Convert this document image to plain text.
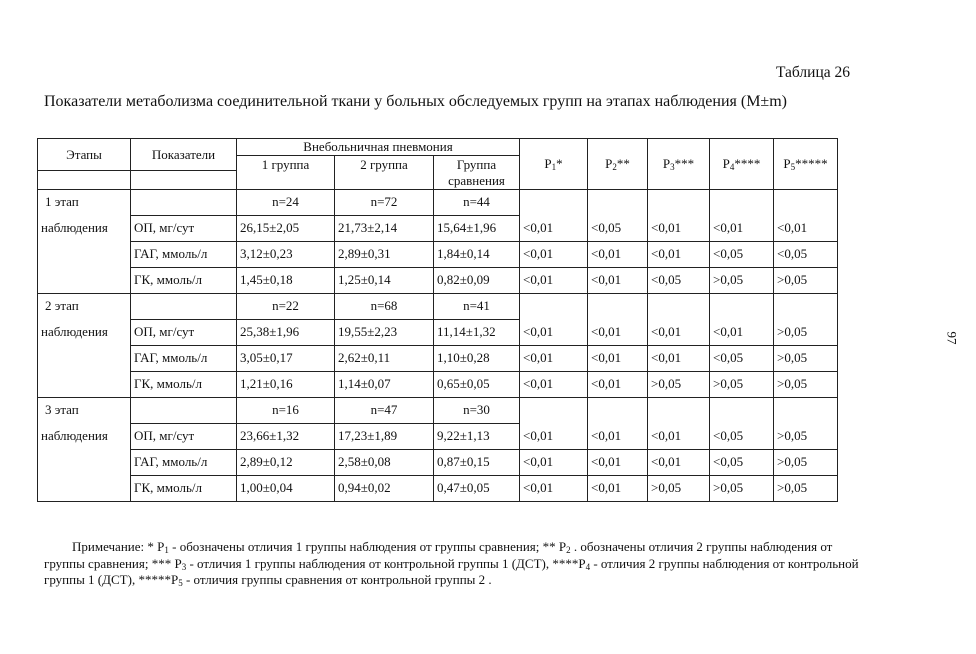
Таблица 26
Показатели метаболизма соединительной ткани у больных обследуемых групп на этапах наблюдения (M±m)
97
Этапы	Показатели	Внебольничная пневмония			$P_1*$	$P_2**$	$P_3***$	$P_4****$	$P_5*****$
		1 группа	2 группа	Группа
сравнения					

1 этап		n=24	n=72	n=44					
наблюдения	ОП, мг/сут	26,15±2,05	21,73±2,14	15,64±1,96	<0,01	<0,05	<0,01	<0,01	<0,01
	ГАГ, ммоль/л	3,12±0,23	2,89±0,31	1,84±0,14	<0,01	<0,01	<0,01	<0,05	<0,05
	ГК, ммоль/л	1,45±0,18	1,25±0,14	0,82±0,09	<0,01	<0,01	<0,05	>0,05	>0,05
2 этап		n=22	n=68	n=41					
наблюдения	ОП, мг/сут	25,38±1,96	19,55±2,23	11,14±1,32	<0,01	<0,01	<0,01	<0,01	>0,05
	ГАГ, ммоль/л	3,05±0,17	2,62±0,11	1,10±0,28	<0,01	<0,01	<0,01	<0,05	>0,05
	ГК, ммоль/л	1,21±0,16	1,14±0,07	0,65±0,05	<0,01	<0,01	>0,05	>0,05	>0,05
3 этап		n=16	n=47	n=30					
наблюдения	ОП, мг/сут	23,66±1,32	17,23±1,89	9,22±1,13	<0,01	<0,01	<0,01	<0,05	>0,05
	ГАГ, ммоль/л	2,89±0,12	2,58±0,08	0,87±0,15	<0,01	<0,01	<0,01	<0,05	>0,05
	ГК, ммоль/л	1,00±0,04	0,94±0,02	0,47±0,05	<0,01	<0,01	>0,05	>0,05	>0,05
Примечание: * $P_1$ - обозначены отличия 1 группы наблюдения от группы сравнения; ** $P_2$ . обозначены отличия 2 группы наблюдения от группы сравнения; *** $P_3$ - отличия 1 группы наблюдения от контрольной группы 1 (ДСТ), $****P_4$ - отличия 2 группы наблюдения от контрольной группы 1 (ДСТ), $*****P_5$ - отличия группы сравнения от контрольной группы 2 .
